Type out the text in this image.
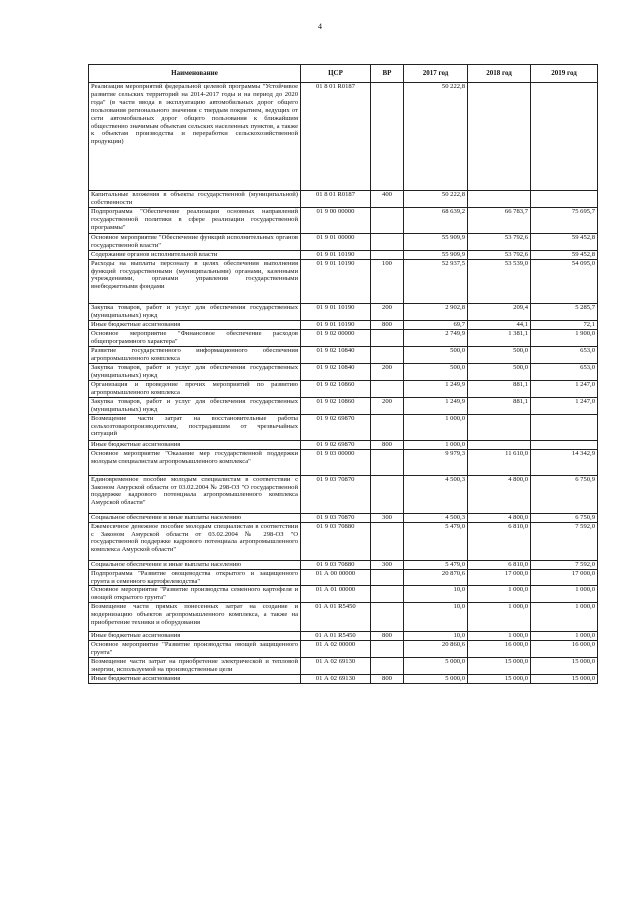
4
Наименование	ЦСР	ВР	2017 год	2018 год	2019 год
Реализация мероприятий федеральной целевой программы "Устойчивое развитие сельских территорий на 2014-2017 годы и на период до 2020 года" (в части ввода в эксплуатацию автомобильных дорог общего пользования регионального значения с твердым покрытием, ведущих от сети автомобильных дорог общего пользования к ближайшим общественно значимым объектам сельских населенных пунктов, а также к объектам производства и переработки сельскохозяйственной продукции)	01 8 01 R0187		50 222,8		
Капитальные вложения в объекты государственной (муниципальной) собственности	01 8 01 R0187	400	50 222,8		
Подпрограмма "Обеспечение реализации основных направлений государственной политики в сфере реализации государственной программы"	01 9 00 00000		68 639,2	66 783,7	75 695,7
Основное мероприятие "Обеспечение функций исполнительных органов государственной власти"	01 9 01 00000		55 909,9	53 792,6	59 452,8
Содержание органов исполнительной власти	01 9 01 10190		55 909,9	53 792,6	59 452,8
Расходы на выплаты персоналу в целях обеспечения выполнения функций государственными (муниципальными) органами, казенными учреждениями, органами управления государственными внебюджетными фондами	01 9 01 10190	100	52 937,5	53 539,0	54 095,0
Закупка товаров, работ и услуг для обеспечения государственных (муниципальных) нужд	01 9 01 10190	200	2 902,8	209,4	5 285,7
Иные бюджетные ассигнования	01 9 01 10190	800	69,7	44,1	72,1
Основное мероприятие "Финансовое обеспечение расходов общепрограммного характера"	01 9 02 00000		2 749,9	1 381,1	1 900,0
Развитие государственного информационного обеспечения агропромышленного комплекса	01 9 02 10840		500,0	500,0	653,0
Закупка товаров, работ и услуг для обеспечения государственных (муниципальных) нужд	01 9 02 10840	200	500,0	500,0	653,0
Организация и проведение прочих мероприятий по развитию агропромышленного комплекса	01 9 02 10860		1 249,9	881,1	1 247,0
Закупка товаров, работ и услуг для обеспечения государственных (муниципальных) нужд	01 9 02 10860	200	1 249,9	881,1	1 247,0
Возмещение части затрат на восстановительные работы сельхозтоваропроизводителям, пострадавшим от чрезвычайных ситуаций	01 9 02 69870		1 000,0		
Иные бюджетные ассигнования	01 9 02 69870	800	1 000,0		
Основное мероприятие "Оказание мер государственной поддержки молодым специалистам агропромышленного комплекса"	01 9 03 00000		9 979,3	11 610,0	14 342,9
Единовременное пособие молодым специалистам в соответствии с Законом Амурской области от 03.02.2004 № 298-ОЗ "О государственной поддержке кадрового потенциала агропромышленного комплекса Амурской области"	01 9 03 70870		4 500,3	4 800,0	6 750,9
Социальное обеспечение и иные выплаты населению	01 9 03 70870	300	4 500,3	4 800,0	6 750,9
Ежемесячное денежное пособие молодым специалистам в соответствии с Законом Амурской области от 03.02.2004 № 298-ОЗ "О государственной поддержке кадрового потенциала агропромышленного комплекса Амурской области"	01 9 03 70880		5 479,0	6 810,0	7 592,0
Социальное обеспечение и иные выплаты населению	01 9 03 70880	300	5 479,0	6 810,0	7 592,0
Подпрограмма "Развитие овощеводства открытого и защищенного грунта и семенного картофелеводства"	01 А 00 00000		20 870,6	17 000,0	17 000,0
Основное мероприятие "Развитие производства семенного картофеля и овощей открытого грунта"	01 А 01 00000		10,0	1 000,0	1 000,0
Возмещение части прямых понесенных затрат на создание и модернизацию объектов агропромышленного комплекса, а также на приобретение техники и оборудования	01 А 01 R5450		10,0	1 000,0	1 000,0
Иные бюджетные ассигнования	01 А 01 R5450	800	10,0	1 000,0	1 000,0
Основное мероприятие "Развитие производства овощей защищенного грунта"	01 А 02 00000		20 860,6	16 000,0	16 000,0
Возмещение части затрат на приобретение электрической и тепловой энергии, используемой на производственные цели	01 А 02 69130		5 000,0	15 000,0	15 000,0
Иные бюджетные ассигнования	01 А 02 69130	800	5 000,0	15 000,0	15 000,0
